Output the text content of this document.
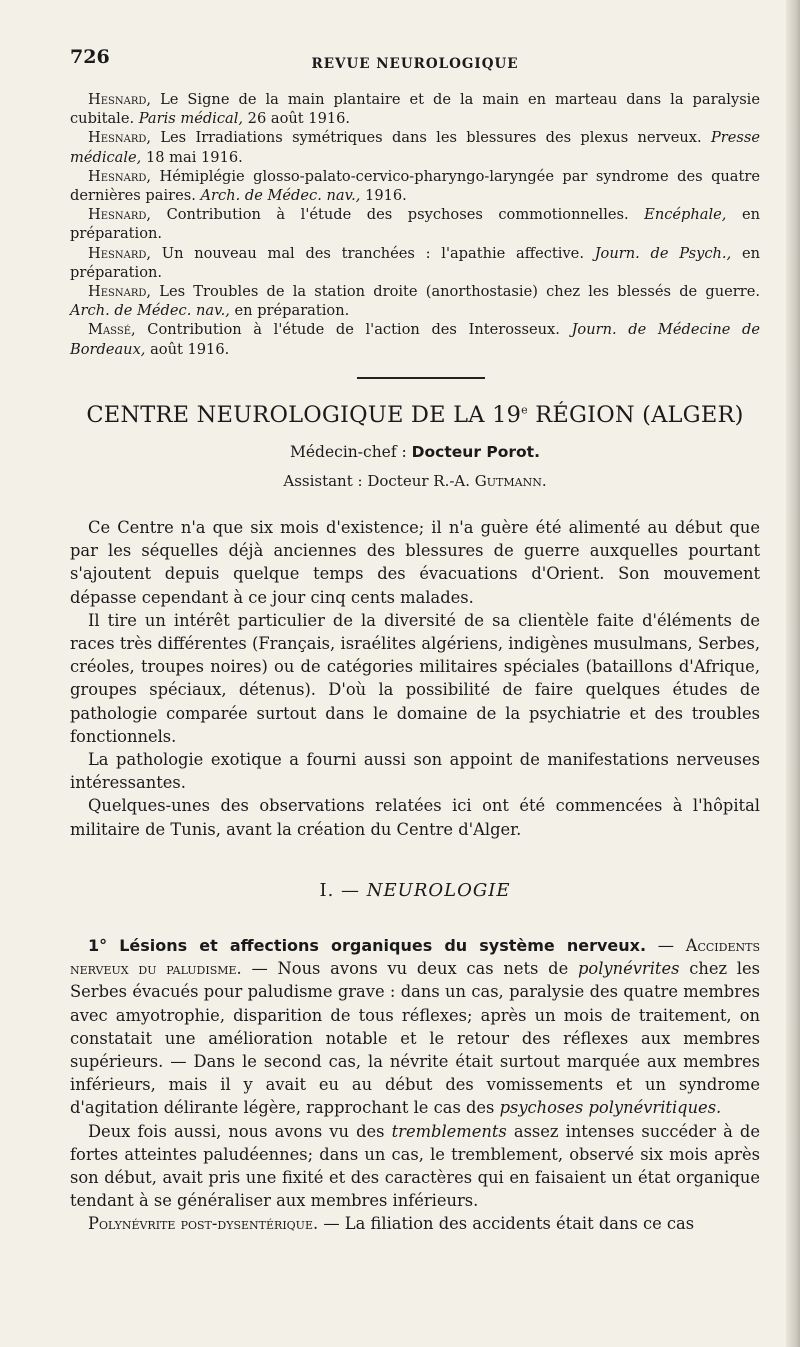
726	REVUE NEUROLOGIQUE

Hesnard, Le Signe de la main plantaire et de la main en marteau dans la paralysie cubitale. Paris médical, 26 août 1916.

Hesnard, Les Irradiations symétriques dans les blessures des plexus nerveux. Presse médicale, 18 mai 1916.

Hesnard, Hémiplégie glosso-palato-cervico-pharyngo-laryngée par syndrome des quatre dernières paires. Arch. de Médec. nav., 1916.

Hesnard, Contribution à l'étude des psychoses commotionnelles. Encéphale, en préparation.

Hesnard, Un nouveau mal des tranchées : l'apathie affective. Journ. de Psych., en préparation.

Hesnard, Les Troubles de la station droite (anorthostasie) chez les blessés de guerre. Arch. de Médec. nav., en préparation.

Massé, Contribution à l'étude de l'action des Interosseux. Journ. de Médecine de Bordeaux, août 1916.

CENTRE NEUROLOGIQUE DE LA 19e RÉGION (ALGER)
Médecin-chef : Docteur Porot.
Assistant : Docteur R.-A. Gutmann.

Ce Centre n'a que six mois d'existence; il n'a guère été alimenté au début que par les séquelles déjà anciennes des blessures de guerre auxquelles pourtant s'ajoutent depuis quelque temps des évacuations d'Orient. Son mouvement dépasse cependant à ce jour cinq cents malades.

Il tire un intérêt particulier de la diversité de sa clientèle faite d'éléments de races très différentes (Français, israélites algériens, indigènes musulmans, Serbes, créoles, troupes noires) ou de catégories militaires spéciales (bataillons d'Afrique, groupes spéciaux, détenus). D'où la possibilité de faire quelques études de pathologie comparée surtout dans le domaine de la psychiatrie et des troubles fonctionnels.

La pathologie exotique a fourni aussi son appoint de manifestations nerveuses intéressantes.

Quelques-unes des observations relatées ici ont été commencées à l'hôpital militaire de Tunis, avant la création du Centre d'Alger.

I. — NEUROLOGIE

1° Lésions et affections organiques du système nerveux. — Accidents nerveux du paludisme. — Nous avons vu deux cas nets de polynévrites chez les Serbes évacués pour paludisme grave : dans un cas, paralysie des quatre membres avec amyotrophie, disparition de tous réflexes; après un mois de traitement, on constatait une amélioration notable et le retour des réflexes aux membres supérieurs. — Dans le second cas, la névrite était surtout marquée aux membres inférieurs, mais il y avait eu au début des vomissements et un syndrome d'agitation délirante légère, rapprochant le cas des psychoses polynévritiques.

Deux fois aussi, nous avons vu des tremblements assez intenses succéder à de fortes atteintes paludéennes; dans un cas, le tremblement, observé six mois après son début, avait pris une fixité et des caractères qui en faisaient un état organique tendant à se généraliser aux membres inférieurs.

Polynévrite post-dysentérique. — La filiation des accidents était dans ce cas
